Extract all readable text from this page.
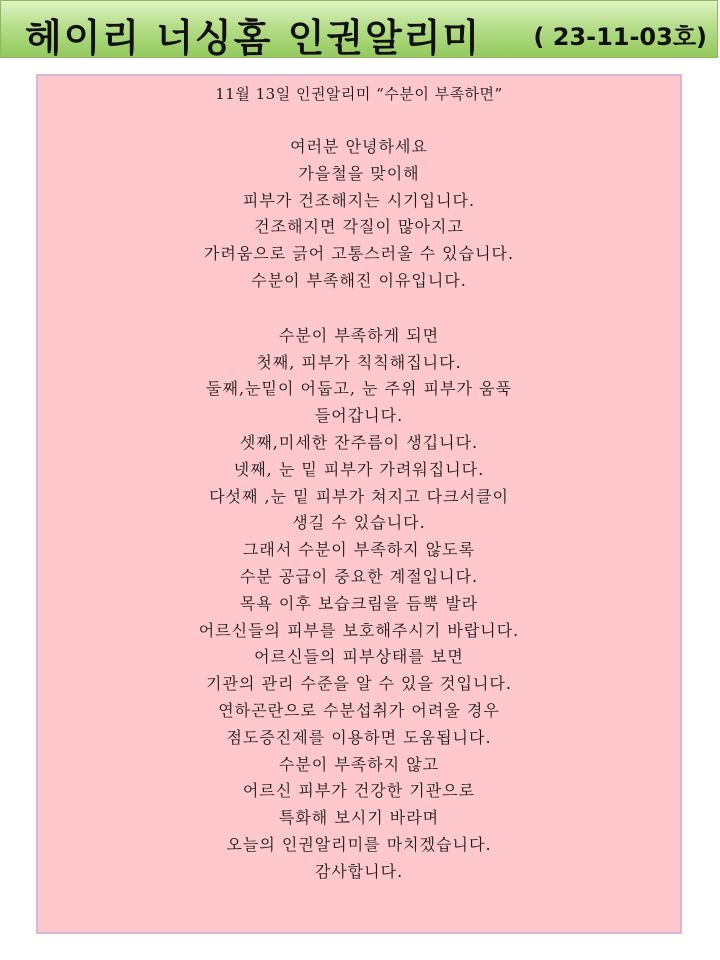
헤이리 너싱홈 인권알리미 ( 23-11-03호)
11월 13일 인권알리미 “수분이 부족하면”
여러분 안녕하세요
가을철을 맞이해
피부가 건조해지는 시기입니다.
건조해지면 각질이 많아지고
가려움으로 긁어 고통스러울 수 있습니다.
수분이 부족해진 이유입니다.
수분이 부족하게 되면
첫째, 피부가 칙칙해집니다.
둘째,눈밑이 어둡고, 눈 주위 피부가 움푹
들어갑니다.
셋째,미세한 잔주름이 생깁니다.
넷째, 눈 밑 피부가 가려워집니다.
다섯째 ,눈 밑 피부가 쳐지고 다크서클이
생길 수 있습니다.
그래서 수분이 부족하지 않도록
수분 공급이 중요한 계절입니다.
목욕 이후 보습크림을 듬뿍 발라
어르신들의 피부를 보호해주시기 바랍니다.
어르신들의 피부상태를 보면
기관의 관리 수준을 알 수 있을 것입니다.
연하곤란으로 수분섭취가 어려울 경우
점도증진제를 이용하면 도움됩니다.
수분이 부족하지 않고
어르신 피부가 건강한 기관으로
특화해 보시기 바라며
오늘의 인권알리미를 마치겠습니다.
감사합니다.
